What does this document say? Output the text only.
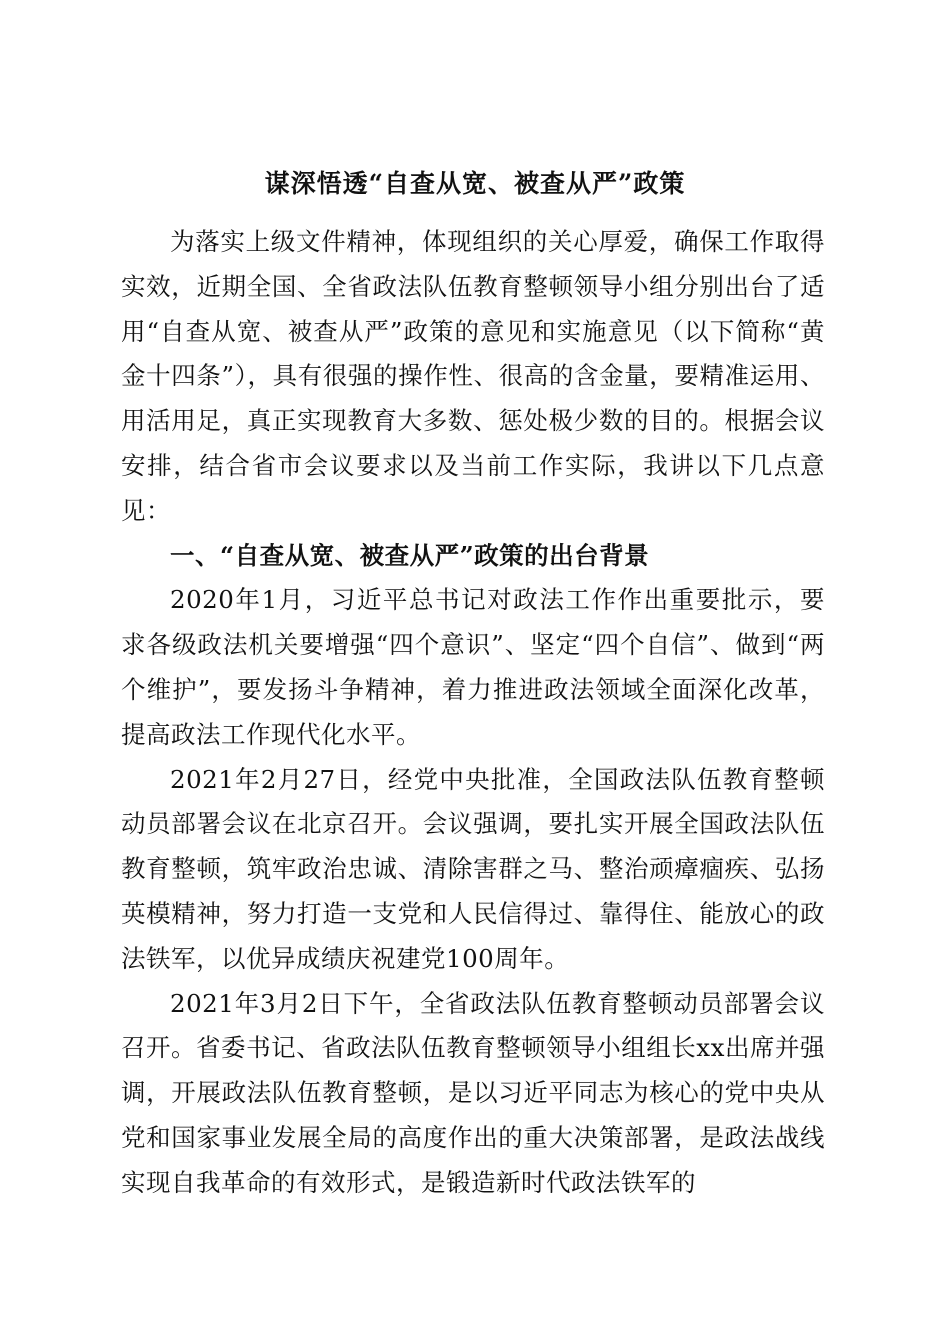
谋深悟透“自查从宽、被查从严”政策

为落实上级文件精神，体现组织的关心厚爱，确保工作取得实效，近期全国、全省政法队伍教育整顿领导小组分别出台了适用“自查从宽、被查从严”政策的意见和实施意见（以下简称“黄金十四条”），具有很强的操作性、很高的含金量，要精准运用、用活用足，真正实现教育大多数、惩处极少数的目的。根据会议安排，结合省市会议要求以及当前工作实际，我讲以下几点意见：

一、“自查从宽、被查从严”政策的出台背景

2020年1月，习近平总书记对政法工作作出重要批示，要求各级政法机关要增强“四个意识”、坚定“四个自信”、做到“两个维护”，要发扬斗争精神，着力推进政法领域全面深化改革，提高政法工作现代化水平。

2021年2月27日，经党中央批准，全国政法队伍教育整顿动员部署会议在北京召开。会议强调，要扎实开展全国政法队伍教育整顿，筑牢政治忠诚、清除害群之马、整治顽瘴痼疾、弘扬英模精神，努力打造一支党和人民信得过、靠得住、能放心的政法铁军，以优异成绩庆祝建党100周年。

2021年3月2日下午，全省政法队伍教育整顿动员部署会议召开。省委书记、省政法队伍教育整顿领导小组组长xx出席并强调，开展政法队伍教育整顿，是以习近平同志为核心的党中央从党和国家事业发展全局的高度作出的重大决策部署，是政法战线实现自我革命的有效形式，是锻造新时代政法铁军的
